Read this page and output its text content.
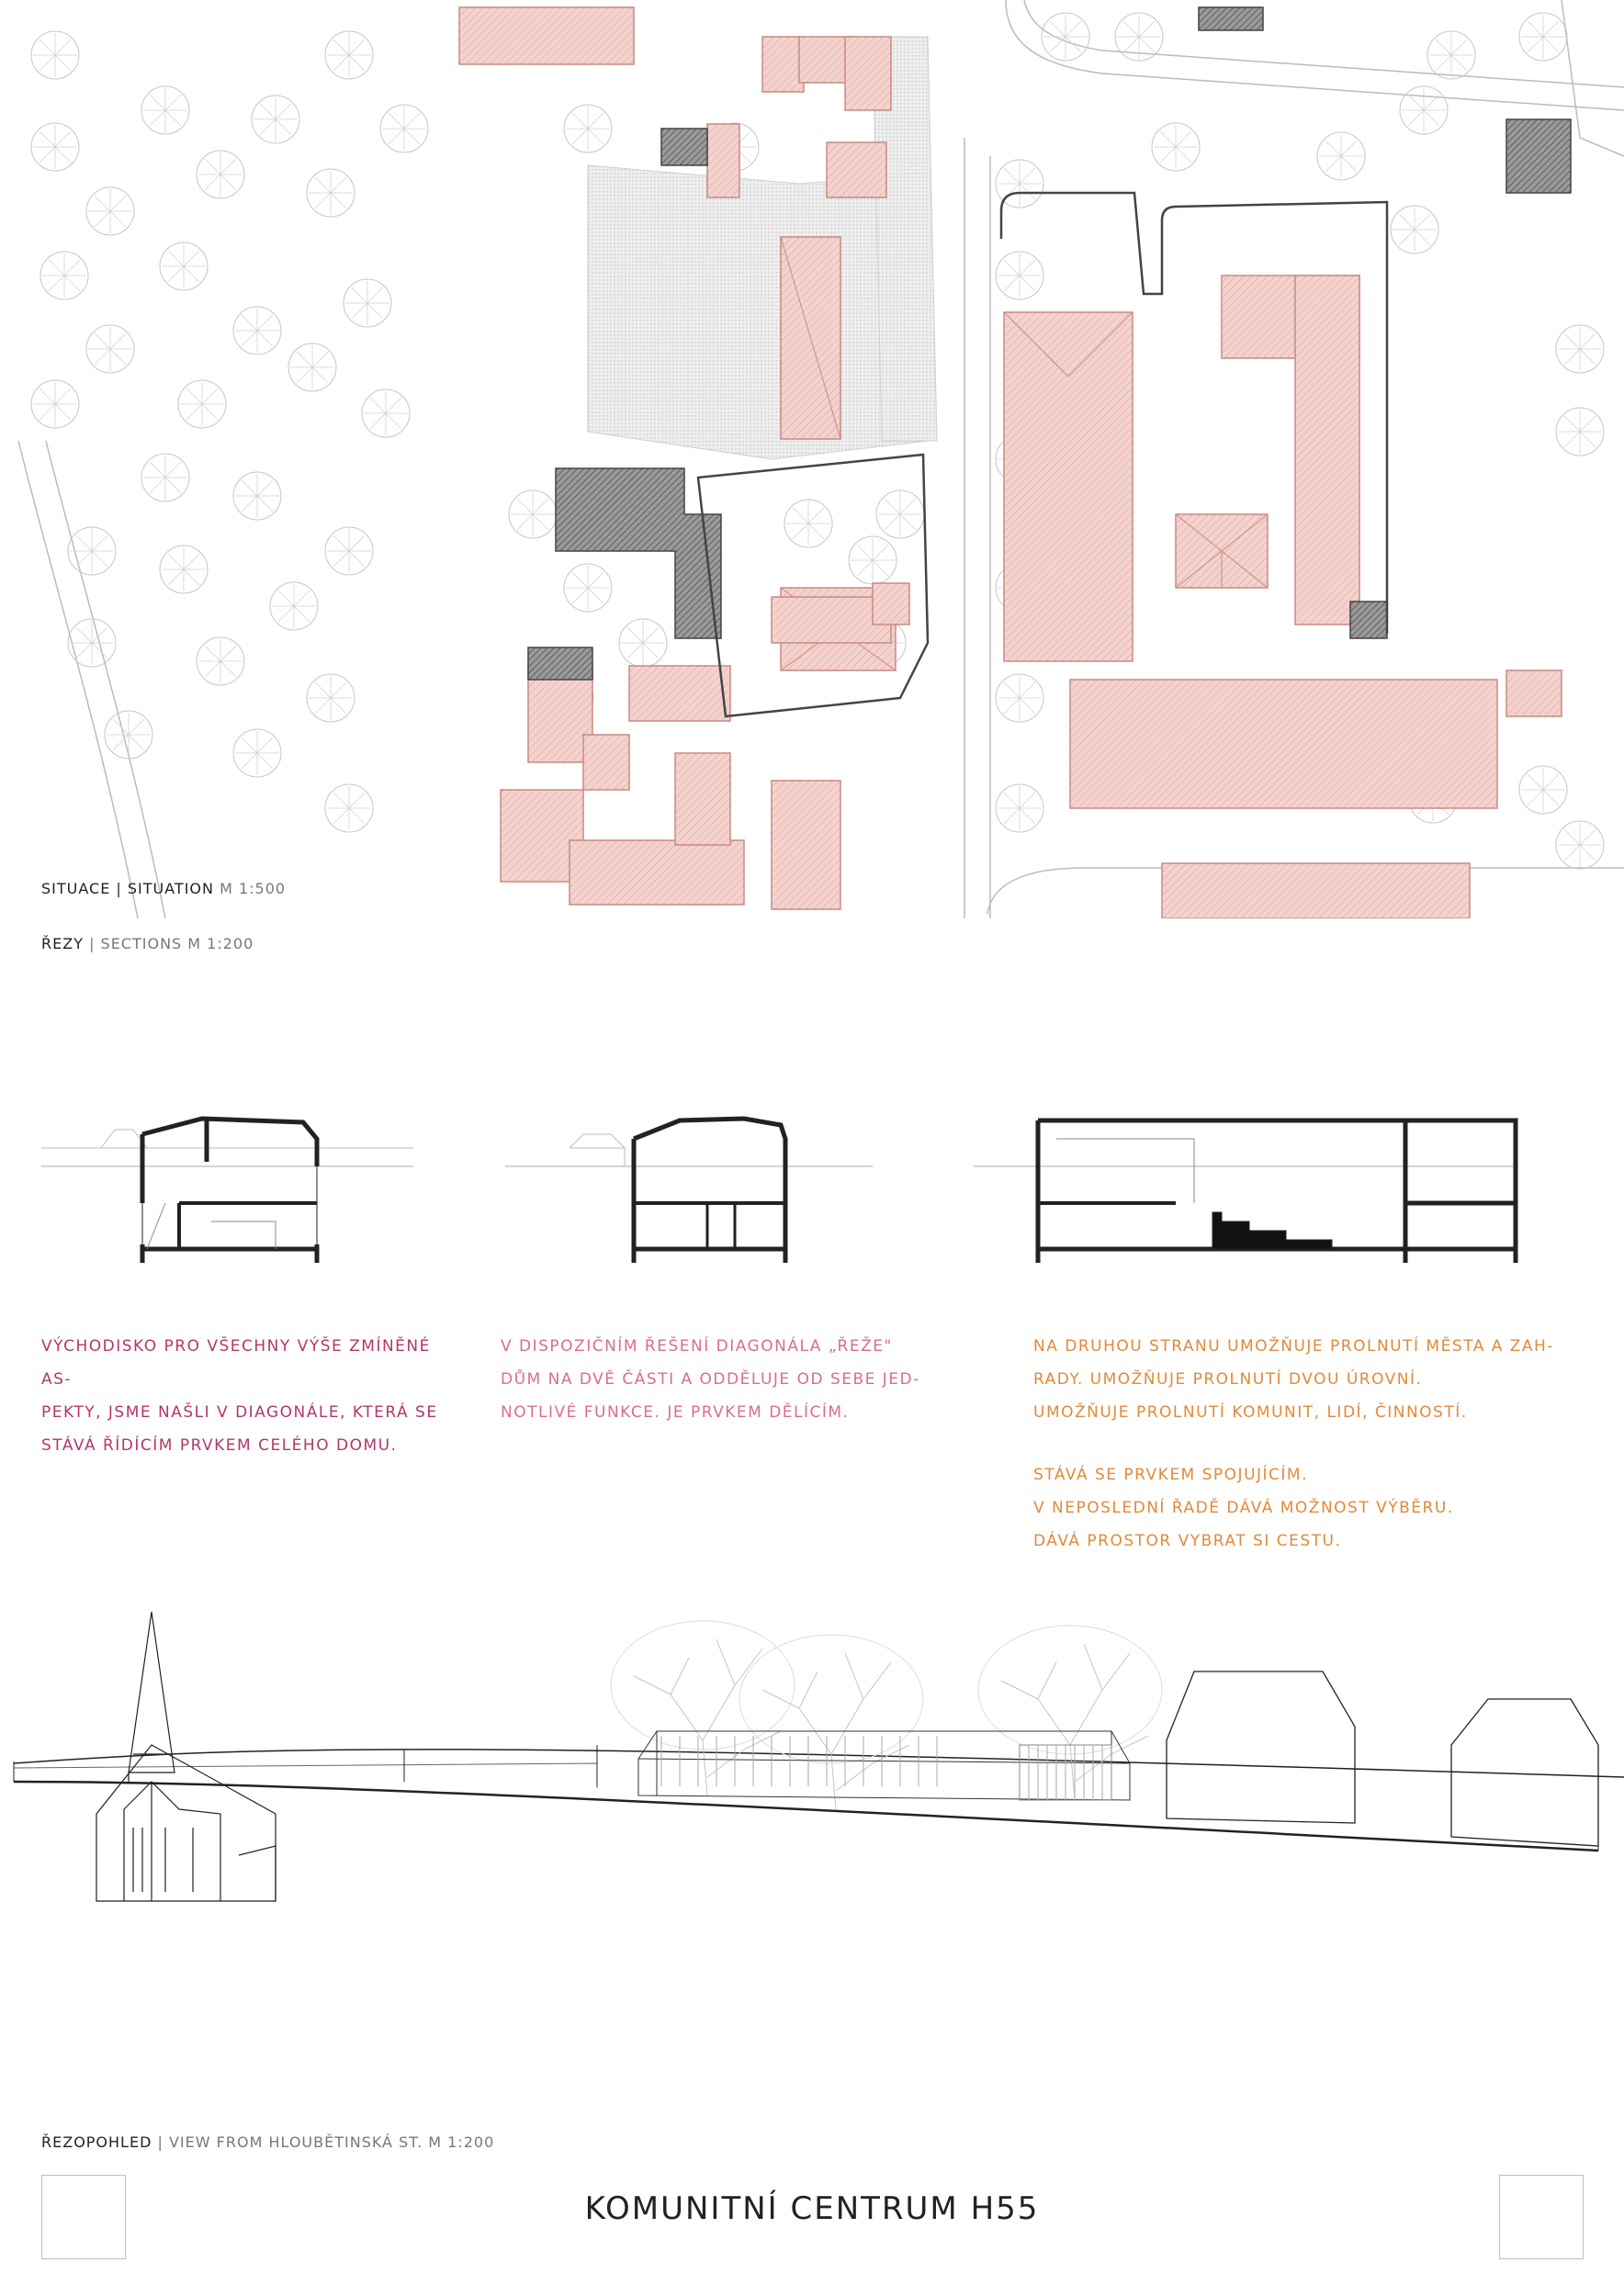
SITUACE | SITUATION M 1:500
ŘEZY | SECTIONS M 1:200
VÝCHODISKO PRO VŠECHNY VÝŠE ZMÍNĚNÉ AS-
PEKTY, JSME NAŠLI V DIAGONÁLE, KTERÁ SE
STÁVÁ ŘÍDÍCÍM PRVKEM CELÉHO DOMU.
V DISPOZIČNÍM ŘEŠENÍ DIAGONÁLA „ŘEŽE"
DŮM NA DVĚ ČÁSTI A ODDĚLUJE OD SEBE JED-
NOTLIVÉ FUNKCE. JE PRVKEM DĚLÍCÍM.
NA DRUHOU STRANU UMOŽŇUJE PROLNUTÍ MĚSTA A ZAH-
RADY. UMOŽŇUJE PROLNUTÍ DVOU ÚROVNÍ.
UMOŽŇUJE PROLNUTÍ KOMUNIT, LIDÍ, ČINNOSTÍ.
STÁVÁ SE PRVKEM SPOJUJÍCÍM.
V NEPOSLEDNÍ ŘADĚ DÁVÁ MOŽNOST VÝBĚRU.
DÁVÁ PROSTOR VYBRAT SI CESTU.
ŘEZOPOHLED | VIEW FROM HLOUBĚTINSKÁ ST. M 1:200
KOMUNITNÍ CENTRUM H55
